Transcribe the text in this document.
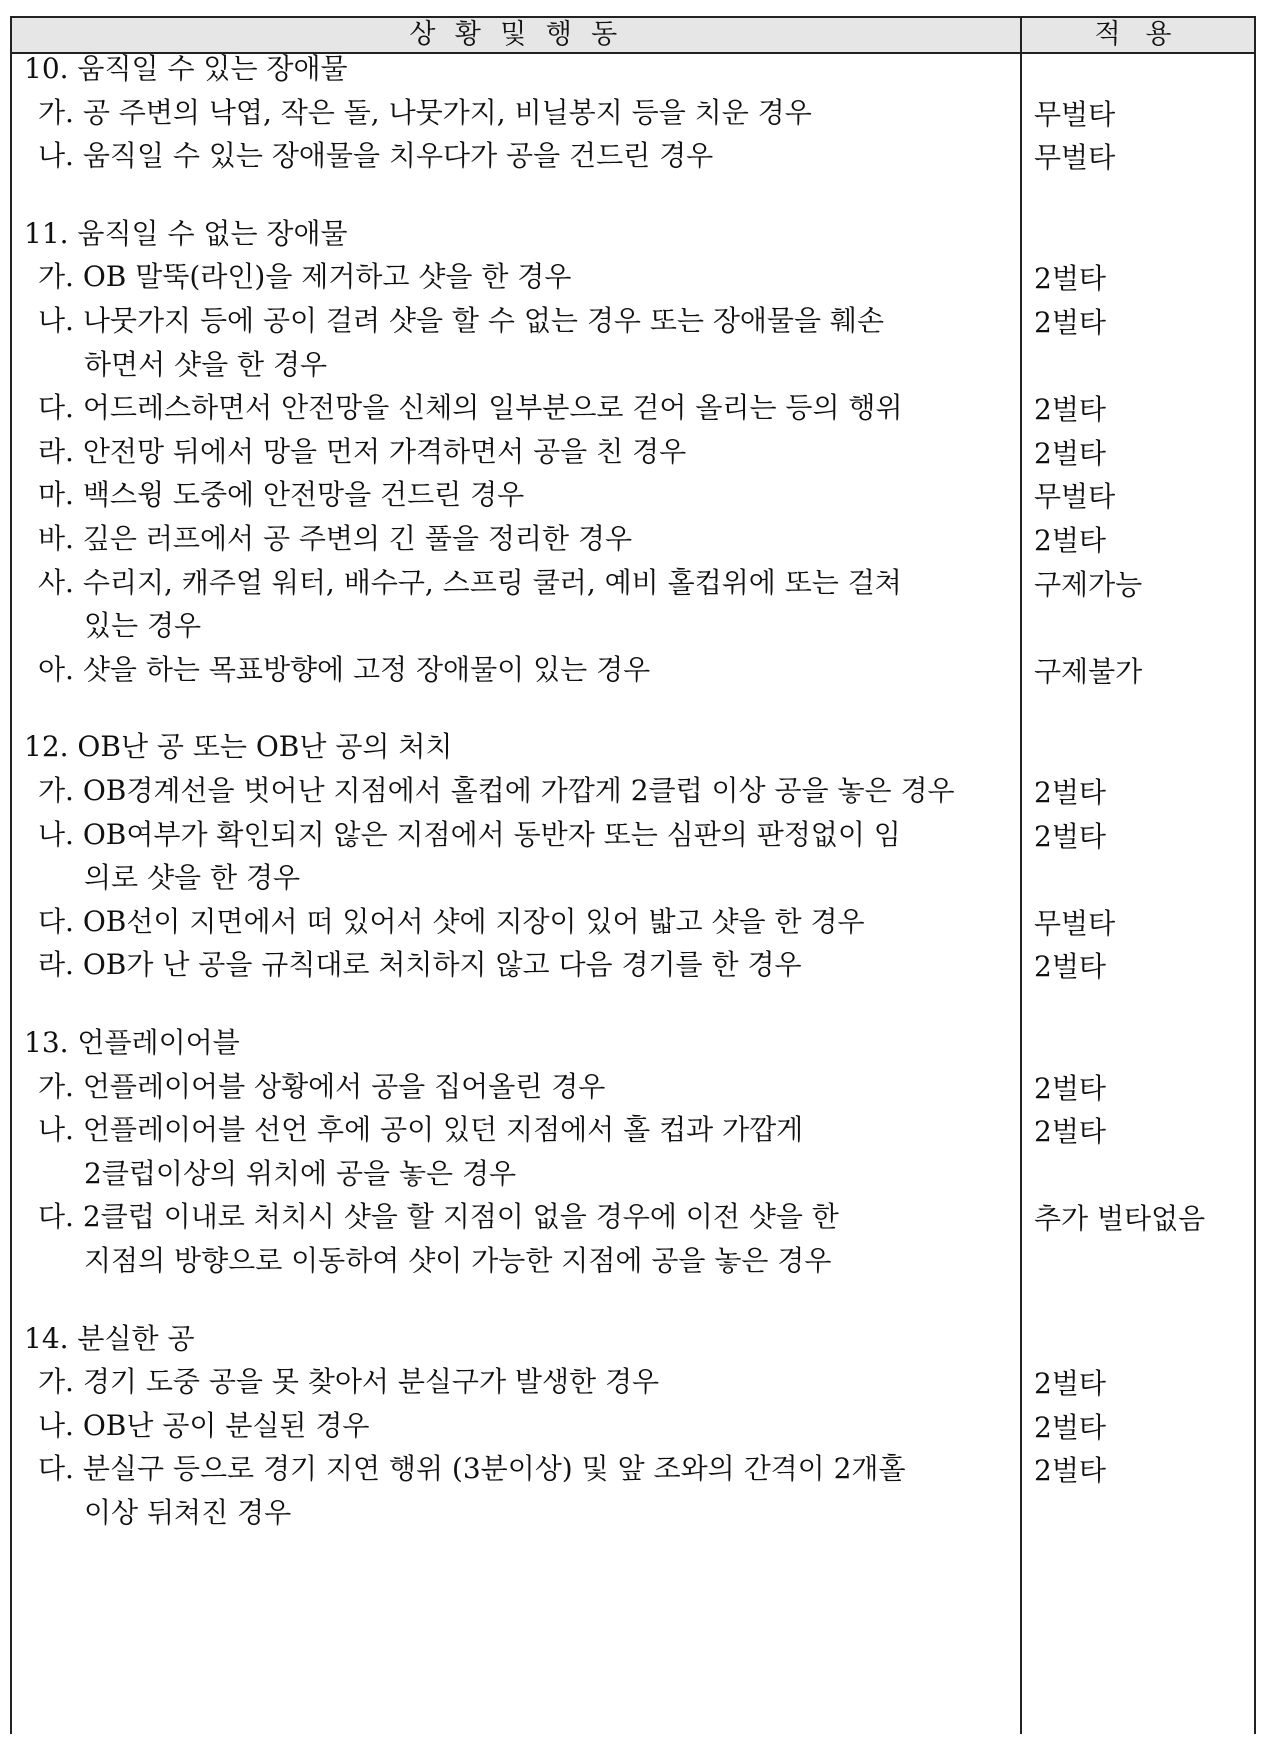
상 황 및 행 동	적 용
10. 움직일 수 있는 장애물
무벌타
가. 공 주변의 낙엽, 작은 돌, 나뭇가지, 비닐봉지 등을 치운 경우
무벌타
나. 움직일 수 있는 장애물을 치우다가 공을 건드린 경우
11. 움직일 수 없는 장애물
2벌타
가. OB 말뚝(라인)을 제거하고 샷을 한 경우
2벌타
나. 나뭇가지 등에 공이 걸려 샷을 할 수 없는 경우 또는 장애물을 훼손
하면서 샷을 한 경우
2벌타
다. 어드레스하면서 안전망을 신체의 일부분으로 걷어 올리는 등의 행위
2벌타
라. 안전망 뒤에서 망을 먼저 가격하면서 공을 친 경우
무벌타
마. 백스윙 도중에 안전망을 건드린 경우
2벌타
바. 깊은 러프에서 공 주변의 긴 풀을 정리한 경우
구제가능
사. 수리지, 캐주얼 워터, 배수구, 스프링 쿨러, 예비 홀컵위에 또는 걸쳐
있는 경우
구제불가
아. 샷을 하는 목표방향에 고정 장애물이 있는 경우
12. OB난 공 또는 OB난 공의 처치
2벌타
가. OB경계선을 벗어난 지점에서 홀컵에 가깝게 2클럽 이상 공을 놓은 경우
2벌타
나. OB여부가 확인되지 않은 지점에서 동반자 또는 심판의 판정없이 임
의로 샷을 한 경우
무벌타
다. OB선이 지면에서 떠 있어서 샷에 지장이 있어 밟고 샷을 한 경우
2벌타
라. OB가 난 공을 규칙대로 처치하지 않고 다음 경기를 한 경우
13. 언플레이어블
2벌타
가. 언플레이어블 상황에서 공을 집어올린 경우
2벌타
나. 언플레이어블 선언 후에 공이 있던 지점에서 홀 컵과 가깝게
2클럽이상의 위치에 공을 놓은 경우
추가 벌타없음
다. 2클럽 이내로 처치시 샷을 할 지점이 없을 경우에 이전 샷을 한
지점의 방향으로 이동하여 샷이 가능한 지점에 공을 놓은 경우
14. 분실한 공
2벌타
가. 경기 도중 공을 못 찾아서 분실구가 발생한 경우
2벌타
나. OB난 공이 분실된 경우
2벌타
다. 분실구 등으로 경기 지연 행위 (3분이상) 및 앞 조와의 간격이 2개홀
이상 뒤쳐진 경우
